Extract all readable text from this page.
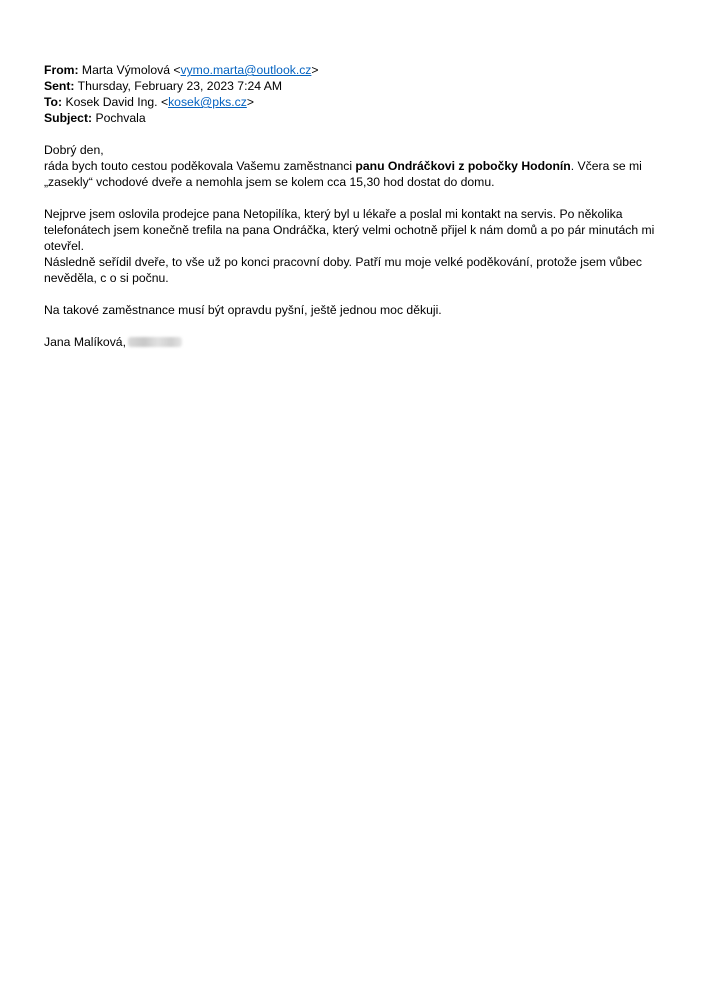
From: Marta Výmolová <vymo.marta@outlook.cz>
Sent: Thursday, February 23, 2023 7:24 AM
To: Kosek David Ing. <kosek@pks.cz>
Subject: Pochvala
Dobrý den,
ráda bych touto cestou poděkovala Vašemu zaměstnanci panu Ondráčkovi z pobočky Hodonín. Včera se mi
„zasekly“ vchodové dveře a nemohla jsem se kolem cca 15,30 hod dostat do domu.
Nejprve jsem oslovila prodejce pana Netopilíka, který byl u lékaře a poslal mi kontakt na servis. Po několika
telefonátech jsem konečně trefila na pana Ondráčka, který velmi ochotně přijel k nám domů a po pár minutách mi
otevřel.
Následně seřídil dveře, to vše už po konci pracovní doby. Patří mu moje velké poděkování, protože jsem vůbec
nevěděla, c o si počnu.
Na takové zaměstnance musí být opravdu pyšní, ještě jednou moc děkuji.
Jana Malíková,
